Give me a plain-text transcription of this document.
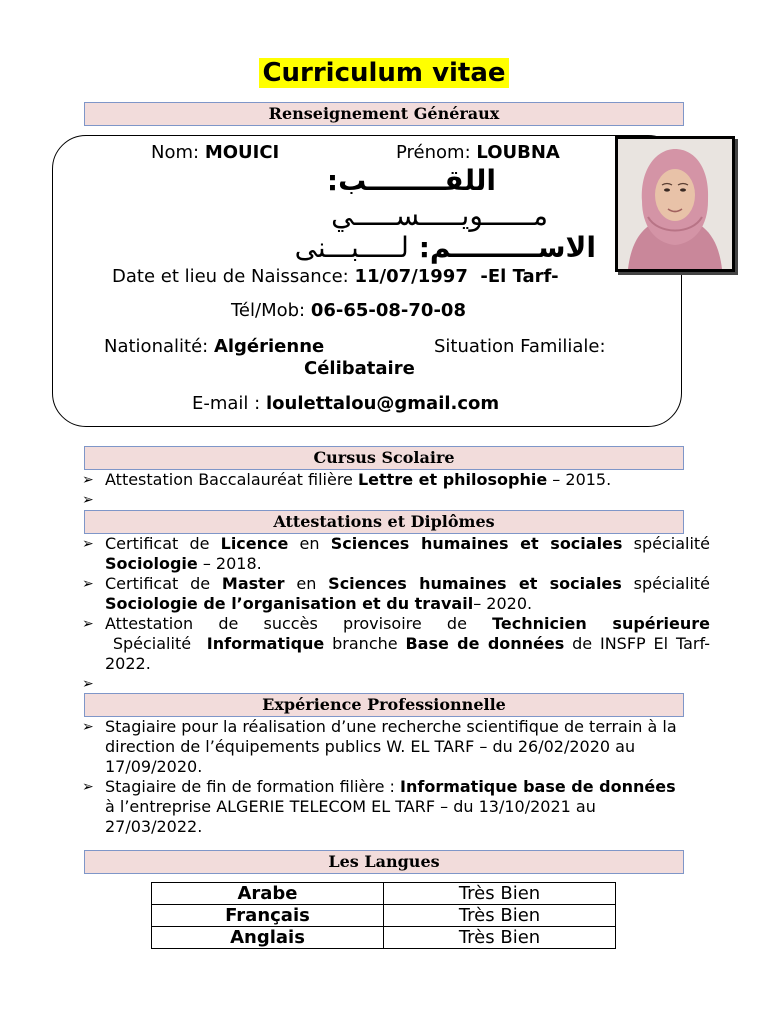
Curriculum vitae
Renseignement Généraux
Nom: MOUICI	Prénom: LOUBNA
اللقــــــــب:
مــــــويـــــســـــي
الاســـــــــم: لـــــبـــنى
Date et lieu de Naissance: 11/07/1997  -El Tarf-
Tél/Mob: 06-65-08-70-08
Nationalité: Algérienne	Situation Familiale:
Célibataire
E-mail : loulettalou@gmail.com
Cursus Scolaire
➢ Attestation Baccalauréat filière Lettre et philosophie – 2015.
➢

Attestations et Diplômes
➢ Certificat de Licence en Sciences humaines et sociales spécialité Sociologie – 2018.
➢ Certificat de Master en Sciences humaines et sociales spécialité Sociologie de l’organisation et du travail– 2020.
➢ Attestation de succès provisoire de Technicien supérieure Spécialité  Informatique branche Base de données de INSFP El Tarf- 2022.
➢

Expérience Professionnelle
➢ Stagiaire pour la réalisation d’une recherche scientifique de terrain à la direction de l’équipements publics W. EL TARF – du 26/02/2020 au 17/09/2020.
➢ Stagiaire de fin de formation filière : Informatique base de données à l’entreprise ALGERIE TELECOM EL TARF – du 13/10/2021 au 27/03/2022.
Les Langues
Arabe	Très Bien
Français	Très Bien
Anglais	Très Bien
